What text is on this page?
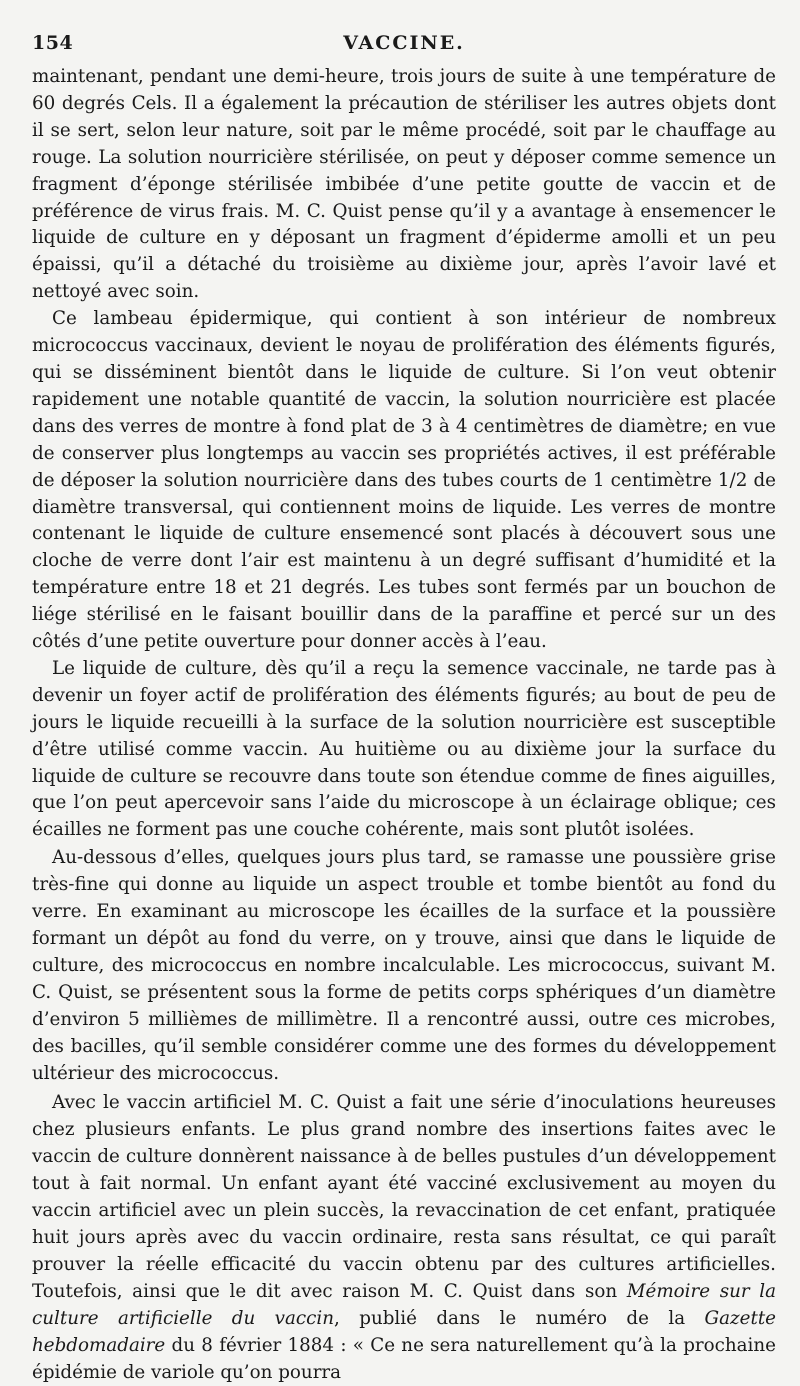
154	VACCINE.

maintenant, pendant une demi-heure, trois jours de suite à une température de 60 degrés Cels. Il a également la précaution de stériliser les autres objets dont il se sert, selon leur nature, soit par le même procédé, soit par le chauffage au rouge. La solution nourricière stérilisée, on peut y déposer comme semence un fragment d’éponge stérilisée imbibée d’une petite goutte de vaccin et de préférence de virus frais. M. C. Quist pense qu’il y a avantage à ensemencer le liquide de culture en y déposant un fragment d’épiderme amolli et un peu épaissi, qu’il a détaché du troisième au dixième jour, après l’avoir lavé et nettoyé avec soin.

Ce lambeau épidermique, qui contient à son intérieur de nombreux micrococcus vaccinaux, devient le noyau de prolifération des éléments figurés, qui se disséminent bientôt dans le liquide de culture. Si l’on veut obtenir rapidement une notable quantité de vaccin, la solution nourricière est placée dans des verres de montre à fond plat de 3 à 4 centimètres de diamètre; en vue de conserver plus longtemps au vaccin ses propriétés actives, il est préférable de déposer la solution nourricière dans des tubes courts de 1 centimètre 1/2 de diamètre transversal, qui contiennent moins de liquide. Les verres de montre contenant le liquide de culture ensemencé sont placés à découvert sous une cloche de verre dont l’air est maintenu à un degré suffisant d’humidité et la température entre 18 et 21 degrés. Les tubes sont fermés par un bouchon de liége stérilisé en le faisant bouillir dans de la paraffine et percé sur un des côtés d’une petite ouverture pour donner accès à l’eau.

Le liquide de culture, dès qu’il a reçu la semence vaccinale, ne tarde pas à devenir un foyer actif de prolifération des éléments figurés; au bout de peu de jours le liquide recueilli à la surface de la solution nourricière est susceptible d’être utilisé comme vaccin. Au huitième ou au dixième jour la surface du liquide de culture se recouvre dans toute son étendue comme de fines aiguilles, que l’on peut apercevoir sans l’aide du microscope à un éclairage oblique; ces écailles ne forment pas une couche cohérente, mais sont plutôt isolées.

Au-dessous d’elles, quelques jours plus tard, se ramasse une poussière grise très-fine qui donne au liquide un aspect trouble et tombe bientôt au fond du verre. En examinant au microscope les écailles de la surface et la poussière formant un dépôt au fond du verre, on y trouve, ainsi que dans le liquide de culture, des micrococcus en nombre incalculable. Les micrococcus, suivant M. C. Quist, se présentent sous la forme de petits corps sphériques d’un diamètre d’environ 5 millièmes de millimètre. Il a rencontré aussi, outre ces microbes, des bacilles, qu’il semble considérer comme une des formes du développement ultérieur des micrococcus.

Avec le vaccin artificiel M. C. Quist a fait une série d’inoculations heureuses chez plusieurs enfants. Le plus grand nombre des insertions faites avec le vaccin de culture donnèrent naissance à de belles pustules d’un développement tout à fait normal. Un enfant ayant été vacciné exclusivement au moyen du vaccin artificiel avec un plein succès, la revaccination de cet enfant, pratiquée huit jours après avec du vaccin ordinaire, resta sans résultat, ce qui paraît prouver la réelle efficacité du vaccin obtenu par des cultures artificielles. Toutefois, ainsi que le dit avec raison M. C. Quist dans son Mémoire sur la culture artificielle du vaccin, publié dans le numéro de la Gazette hebdomadaire du 8 février 1884 : « Ce ne sera naturellement qu’à la prochaine épidémie de variole qu’on pourra
